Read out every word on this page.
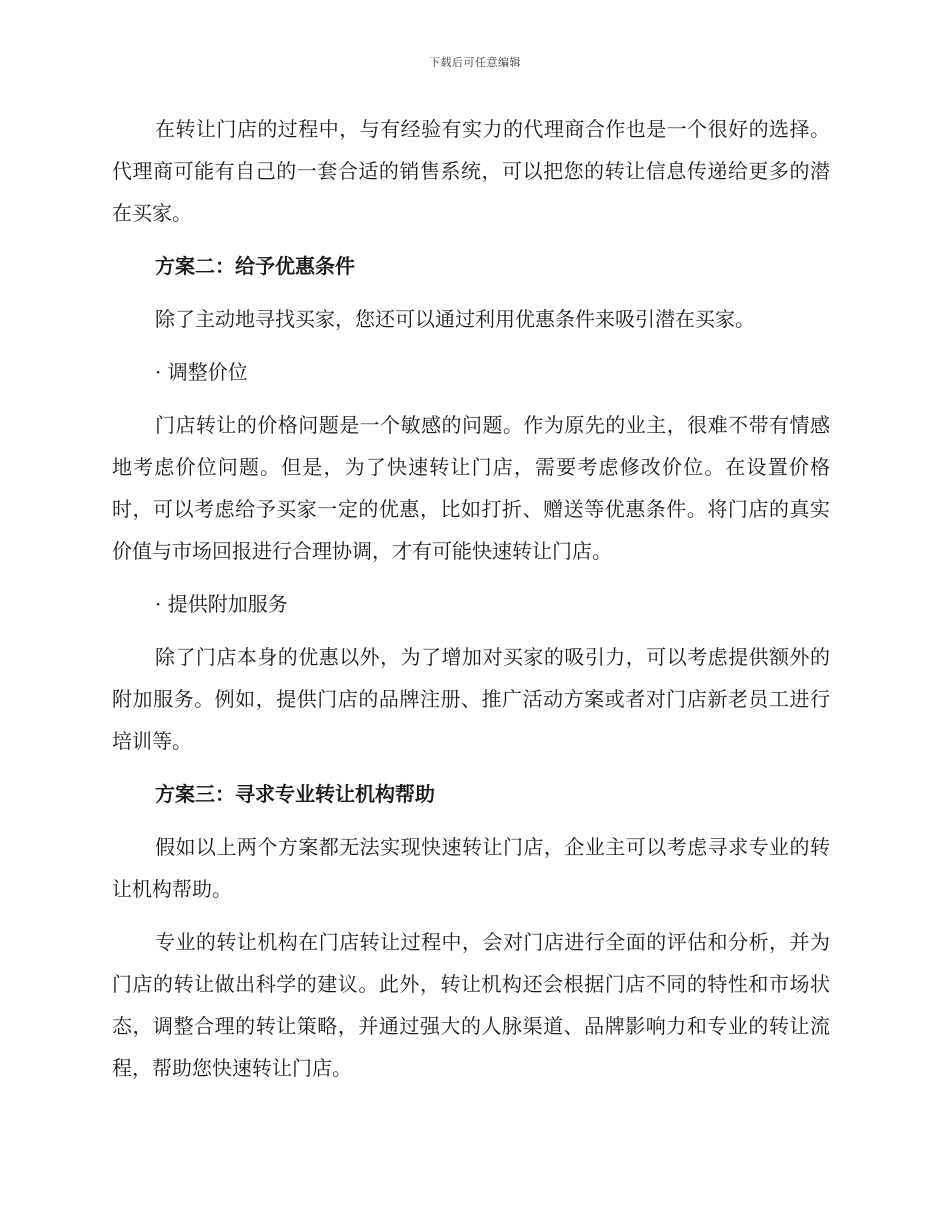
下载后可任意编辑

在转让门店的过程中，与有经验有实力的代理商合作也是一个很好的选择。代理商可能有自己的一套合适的销售系统，可以把您的转让信息传递给更多的潜在买家。

方案二：给予优惠条件

除了主动地寻找买家，您还可以通过利用优惠条件来吸引潜在买家。

· 调整价位

门店转让的价格问题是一个敏感的问题。作为原先的业主，很难不带有情感地考虑价位问题。但是，为了快速转让门店，需要考虑修改价位。在设置价格时，可以考虑给予买家一定的优惠，比如打折、赠送等优惠条件。将门店的真实价值与市场回报进行合理协调，才有可能快速转让门店。

· 提供附加服务

除了门店本身的优惠以外，为了增加对买家的吸引力，可以考虑提供额外的附加服务。例如，提供门店的品牌注册、推广活动方案或者对门店新老员工进行培训等。

方案三：寻求专业转让机构帮助

假如以上两个方案都无法实现快速转让门店，企业主可以考虑寻求专业的转让机构帮助。

专业的转让机构在门店转让过程中，会对门店进行全面的评估和分析，并为门店的转让做出科学的建议。此外，转让机构还会根据门店不同的特性和市场状态，调整合理的转让策略，并通过强大的人脉渠道、品牌影响力和专业的转让流程，帮助您快速转让门店。
